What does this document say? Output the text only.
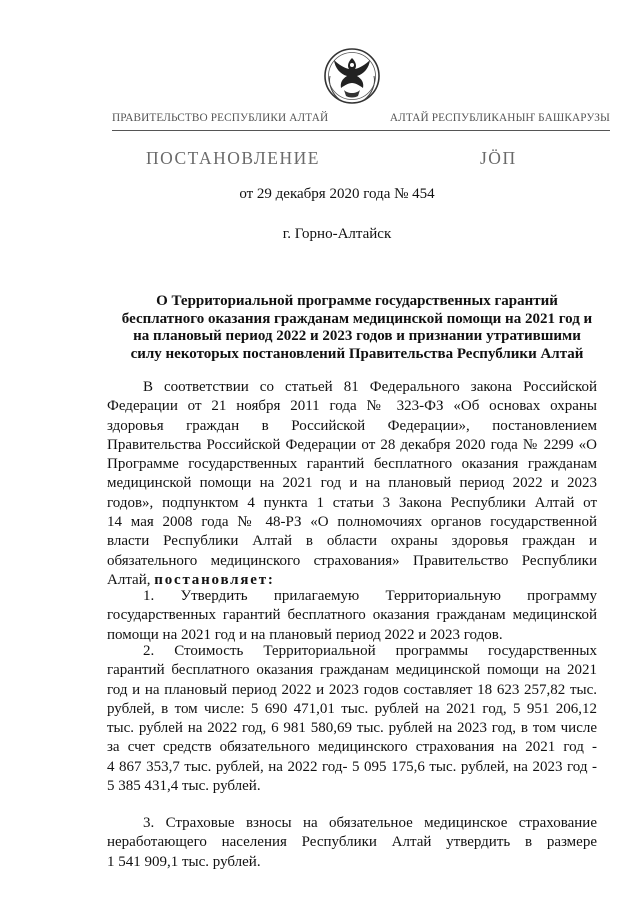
ПРАВИТЕЛЬСТВО РЕСПУБЛИКИ АЛТАЙ	АЛТАЙ РЕСПУБЛИКАНЫҤ БАШКАРУЗЫ
ПОСТАНОВЛЕНИЕ	ЈӦП
от 29 декабря 2020 года № 454
г. Горно-Алтайск
О Территориальной программе государственных гарантий
бесплатного оказания гражданам медицинской помощи на 2021 год и
на плановый период 2022 и 2023 годов и признании утратившими
силу некоторых постановлений Правительства Республики Алтай
В соответствии со статьей 81 Федерального закона Российской
Федерации от 21 ноября 2011 года № 323-ФЗ «Об основах охраны
здоровья граждан в Российской Федерации», постановлением
Правительства Российской Федерации от 28 декабря 2020 года № 2299 «О
Программе государственных гарантий бесплатного оказания гражданам
медицинской помощи на 2021 год и на плановый период 2022 и 2023
годов», подпунктом 4 пункта 1 статьи 3 Закона Республики Алтай от
14 мая 2008 года № 48-РЗ «О полномочиях органов государственной
власти Республики Алтай в области охраны здоровья граждан и
обязательного медицинского страхования» Правительство Республики
Алтай, постановляет:
1. Утвердить прилагаемую Территориальную программу
государственных гарантий бесплатного оказания гражданам медицинской
помощи на 2021 год и на плановый период 2022 и 2023 годов.
2. Стоимость Территориальной программы государственных
гарантий бесплатного оказания гражданам медицинской помощи на 2021
год и на плановый период 2022 и 2023 годов составляет 18 623 257,82 тыс.
рублей, в том числе: 5 690 471,01 тыс. рублей на 2021 год, 5 951 206,12
тыс. рублей на 2022 год, 6 981 580,69 тыс. рублей на 2023 год, в том числе
за счет средств обязательного медицинского страхования на 2021 год -
4 867 353,7 тыс. рублей, на 2022 год- 5 095 175,6 тыс. рублей, на 2023 год -
5 385 431,4 тыс. рублей.
3. Страховые взносы на обязательное медицинское страхование
неработающего населения Республики Алтай утвердить в размере
1 541 909,1 тыс. рублей.
